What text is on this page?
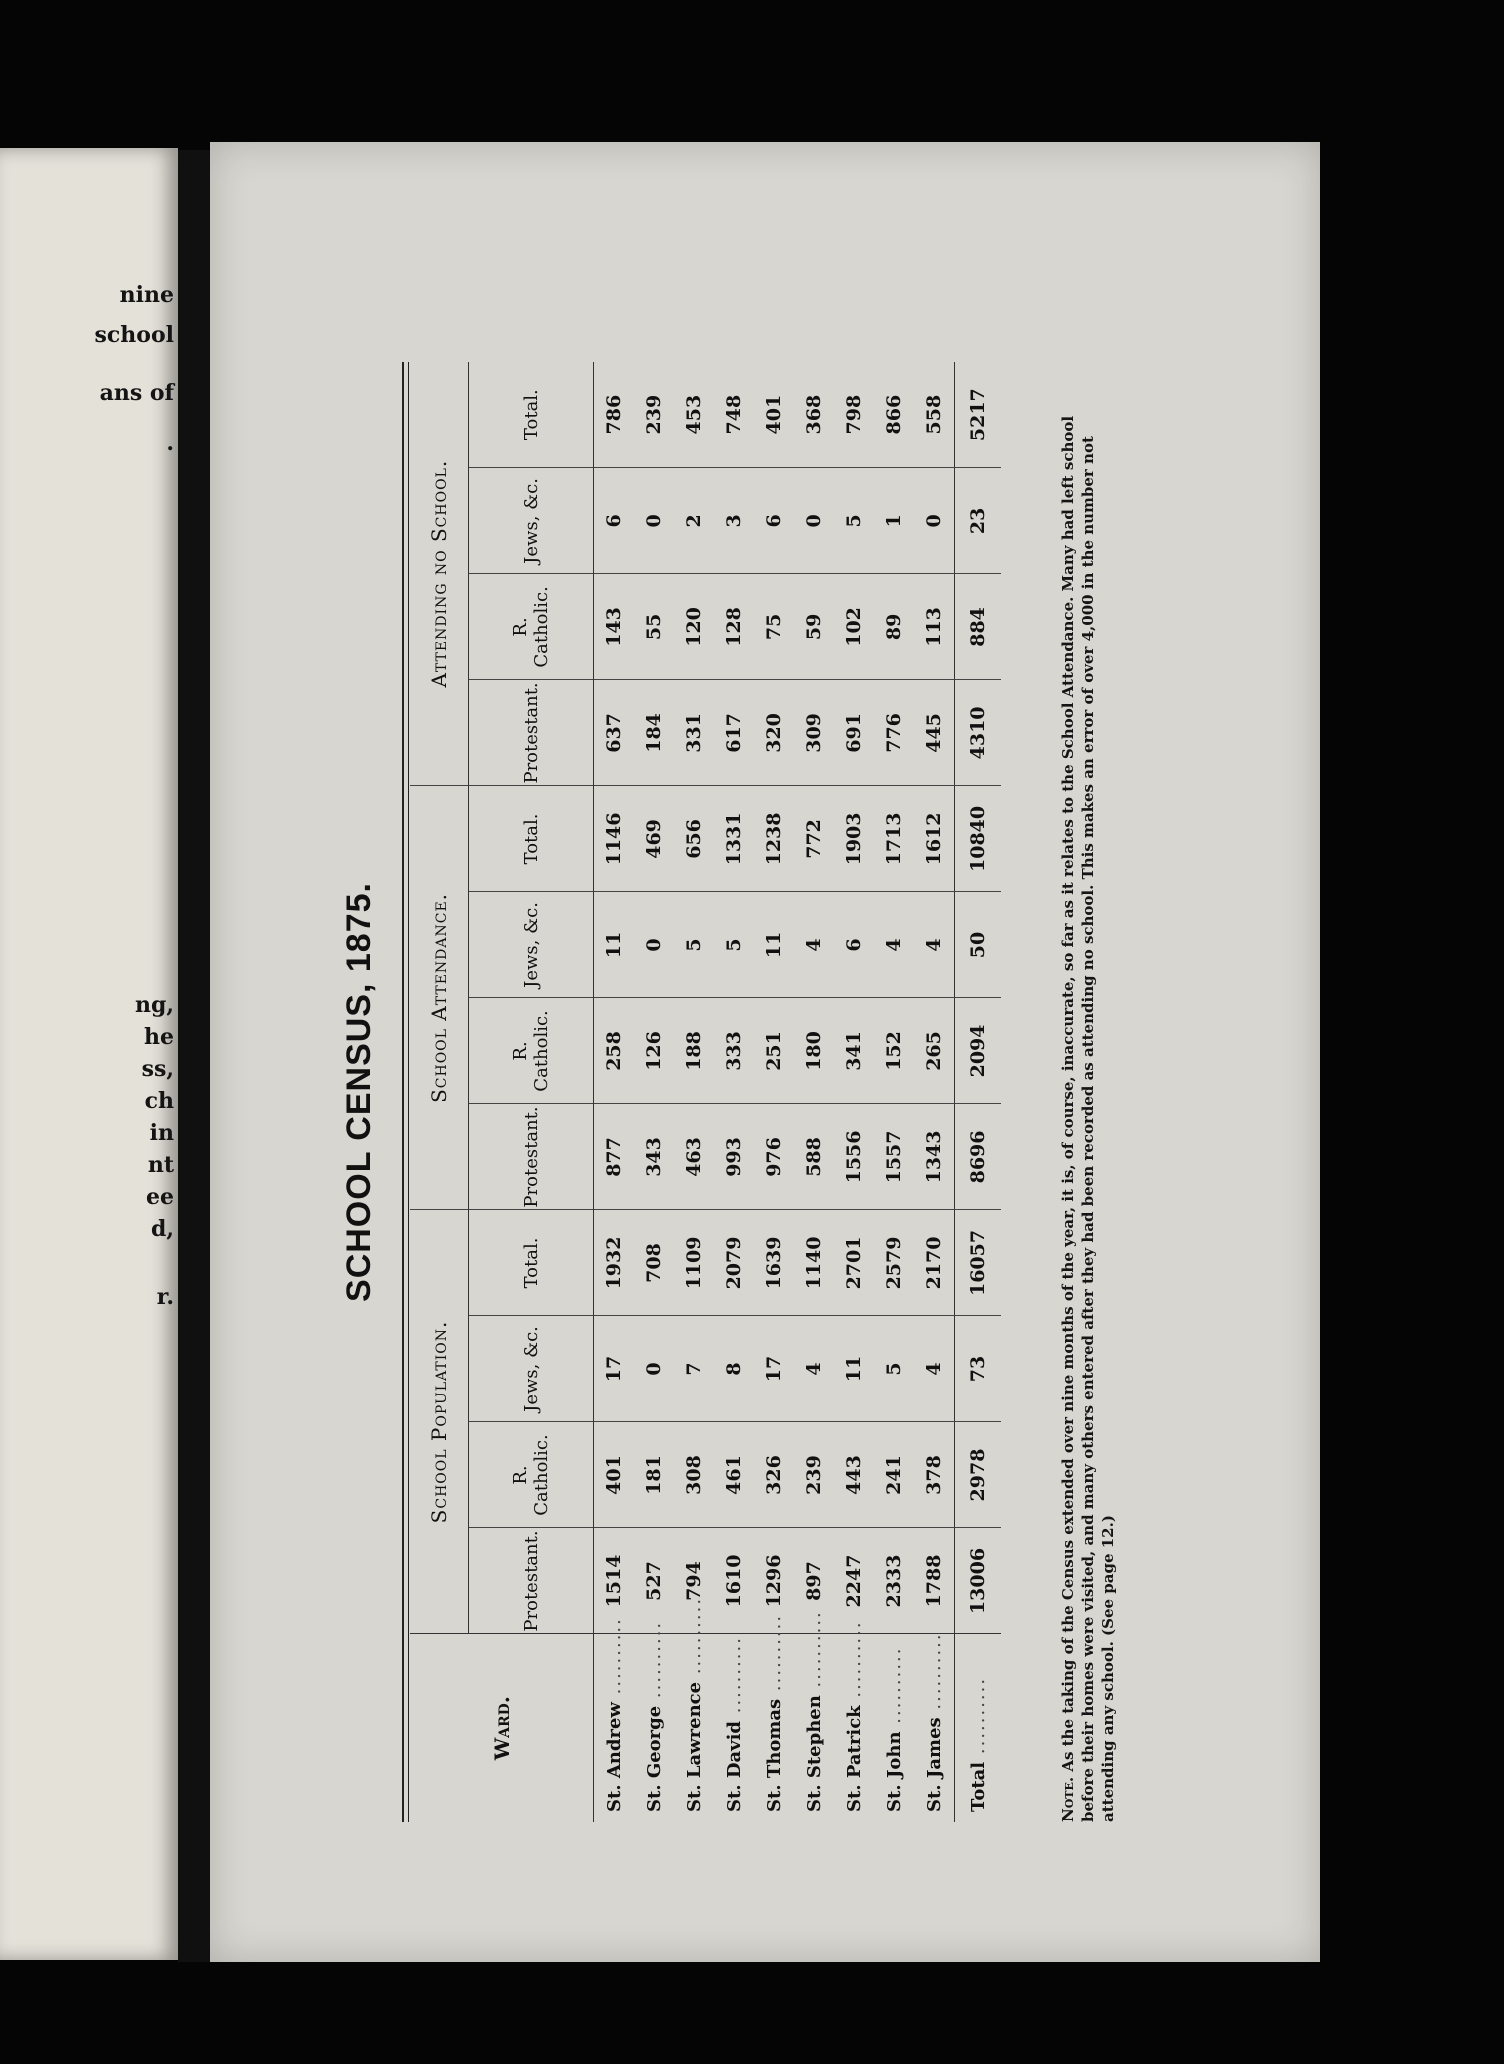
nine
school
ans of
.
ng,
he
ss,
ch
in
nt
ee
d,
r.	SCHOOL CENSUS, 1875.
Ward.	School Population.				School Attendance.				Attending no School.			
	Protestant.	R. Catholic.	Jews, &c.	Total.	Protestant.	R. Catholic.	Jews, &c.	Total.	Protestant.	R. Catholic.	Jews, &c.	Total.
St. Andrew ..........	1514	401	17	1932	877	258	11	1146	637	143	6	786
St. George ..........	527	181	0	708	343	126	0	469	184	55	0	239
St. Lawrence ..........	794	308	7	1109	463	188	5	656	331	120	2	453
St. David ..........	1610	461	8	2079	993	333	5	1331	617	128	3	748
St. Thomas ..........	1296	326	17	1639	976	251	11	1238	320	75	6	401
St. Stephen ..........	897	239	4	1140	588	180	4	772	309	59	0	368
St. Patrick ..........	2247	443	11	2701	1556	341	6	1903	691	102	5	798
St. John ..........	2333	241	5	2579	1557	152	4	1713	776	89	1	866
St. James ..........	1788	378	4	2170	1343	265	4	1612	445	113	0	558
Total ..........	13006	2978	73	16057	8696	2094	50	10840	4310	884	23	5217
Note. As the taking of the Census extended over nine months of the year, it is, of course, inaccurate, so far as it relates to the School Attendance. Many had left school before their homes were visited, and many others entered after they had been recorded as attending no school. This makes an error of over 4,000 in the number not attending any school. (See page 12.)
